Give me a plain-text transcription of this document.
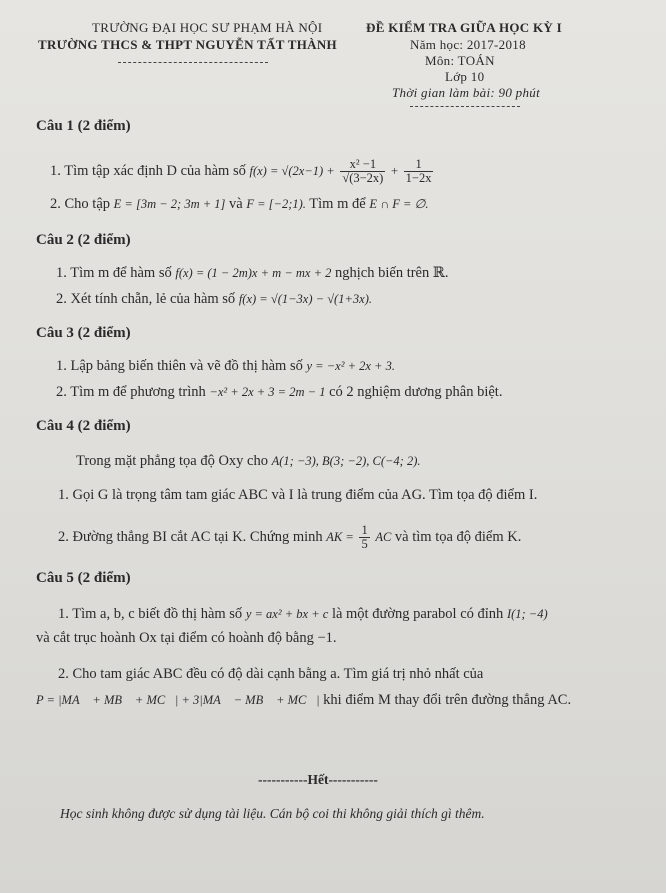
TRƯỜNG ĐẠI HỌC SƯ PHẠM HÀ NỘI
TRƯỜNG THCS & THPT NGUYỄN TẤT THÀNH
ĐỀ KIỂM TRA GIỮA HỌC KỲ I
Năm học: 2017-2018
Môn: TOÁN
Lớp 10
Thời gian làm bài: 90 phút
Câu 1 (2 điểm)
1. Tìm tập xác định D của hàm số $f(x) = √(2x-1) + \frac{\text{x² −1}}{√(3-2x)} + \frac{1}{1-2x}$
2. Cho tập E = [3m − 2; 3m + 1] và F = [−2;1). Tìm m để E ∩ F = ∅.
Câu 2 (2 điểm)
1. Tìm m để hàm số f(x) = (1 − 2m)x + m − mx + 2 nghịch biến trên ℝ.
2. Xét tính chẵn, lẻ của hàm số f(x) = √(1−3x) − √(1+3x).
Câu 3 (2 điểm)
1. Lập bảng biến thiên và vẽ đồ thị hàm số y = −x² + 2x + 3.
2. Tìm m để phương trình −x² + 2x + 3 = 2m − 1 có 2 nghiệm dương phân biệt.
Câu 4 (2 điểm)
Trong mặt phẳng tọa độ Oxy cho A(1; −3), B(3; −2), C(−4; 2).
1. Gọi G là trọng tâm tam giác ABC và I là trung điểm của AG. Tìm tọa độ điểm I.
2. Đường thẳng BI cắt AC tại K. Chứng minh AK = $\frac{1}{5}$ AC và tìm tọa độ điểm K.
Câu 5 (2 điểm)
1. Tìm a, b, c biết đồ thị hàm số y = ax² + bx + c là một đường parabol có đỉnh I(1; −4)
và cắt trục hoành Ox tại điểm có hoành độ bằng −1.
2. Cho tam giác ABC đều có độ dài cạnh bằng a. Tìm giá trị nhỏ nhất của
P = |MA⃗ + MB⃗ + MC⃗| + 3|MA⃗ − MB⃗ + MC⃗| khi điểm M thay đổi trên đường thẳng AC.
-----------Hết-----------
Học sinh không được sử dụng tài liệu. Cán bộ coi thi không giải thích gì thêm.
